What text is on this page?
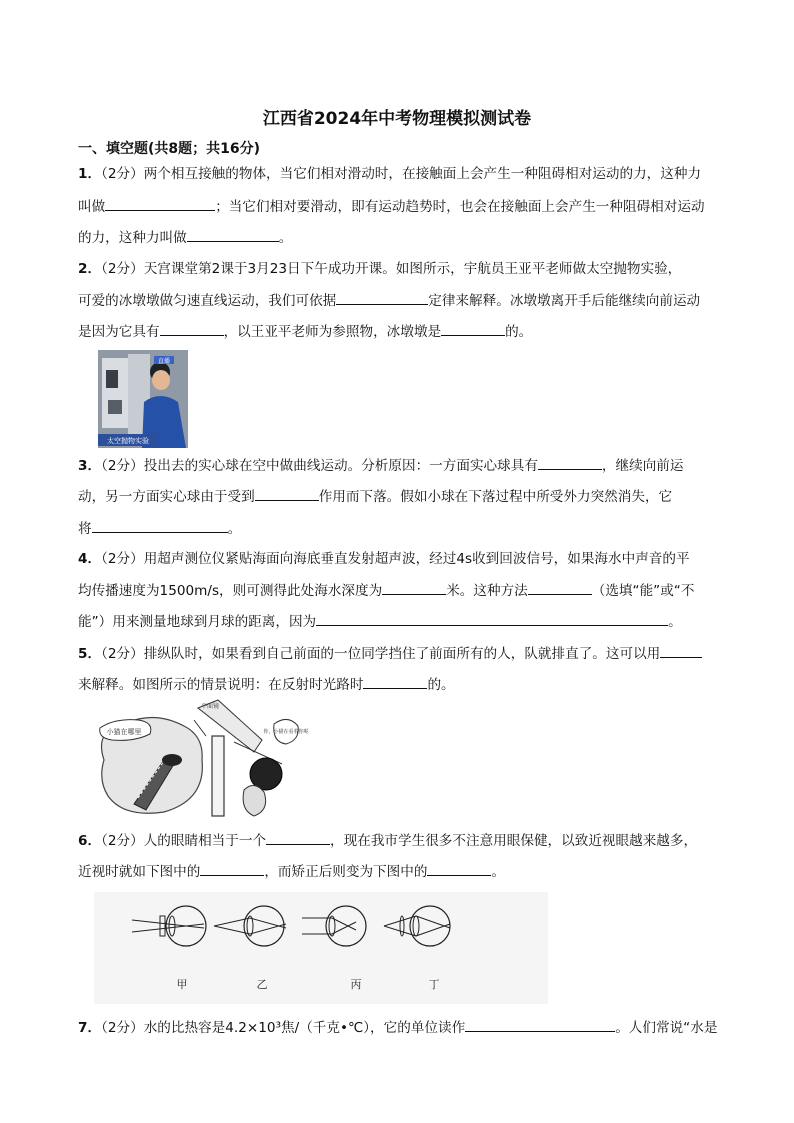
江西省2024年中考物理模拟测试卷
一、填空题(共8题；共16分)
1．（2分）两个相互接触的物体，当它们相对滑动时，在接触面上会产生一种阻碍相对运动的力，这种力
叫做	；当它们相对要滑动，即有运动趋势时，也会在接触面上会产生一种阻碍相对运动
的力，这种力叫做	。
2．（2分）天宫课堂第2课于3月23日下午成功开课。如图所示，宇航员王亚平老师做太空抛物实验，
可爱的冰墩墩做匀速直线运动，我们可依据	定律来解释。冰墩墩离开手后能继续向前运动
是因为它具有	，以王亚平老师为参照物，冰墩墩是	的。
直播
太空抛物实验
3．（2分）投出去的实心球在空中做曲线运动。分析原因：一方面实心球具有	，继续向前运
动，另一方面实心球由于受到	作用而下落。假如小球在下落过程中所受外力突然消失，它
将	。
4．（2分）用超声测位仪紧贴海面向海底垂直发射超声波，经过4s收到回波信号，如果海水中声音的平
均传播速度为1500m/s，则可测得此处海水深度为	米。这种方法	（选填“能”或“不
能”）用来测量地球到月球的距离，因为	。
5．（2分）排纵队时，如果看到自己前面的一位同学挡住了前面所有的人，队就排直了。这可以用
来解释。如图所示的情景说明：在反射时光路时	的。
小猫在哪里
平面镜
你，小猫在看着你呢
6．（2分）人的眼睛相当于一个	，现在我市学生很多不注意用眼保健，以致近视眼越来越多，
近视时就如下图中的	，而矫正后则变为下图中的	。
甲	乙	丙	丁
7．（2分）水的比热容是4.2×10³焦/（千克•℃），它的单位读作	。人们常说“水是
